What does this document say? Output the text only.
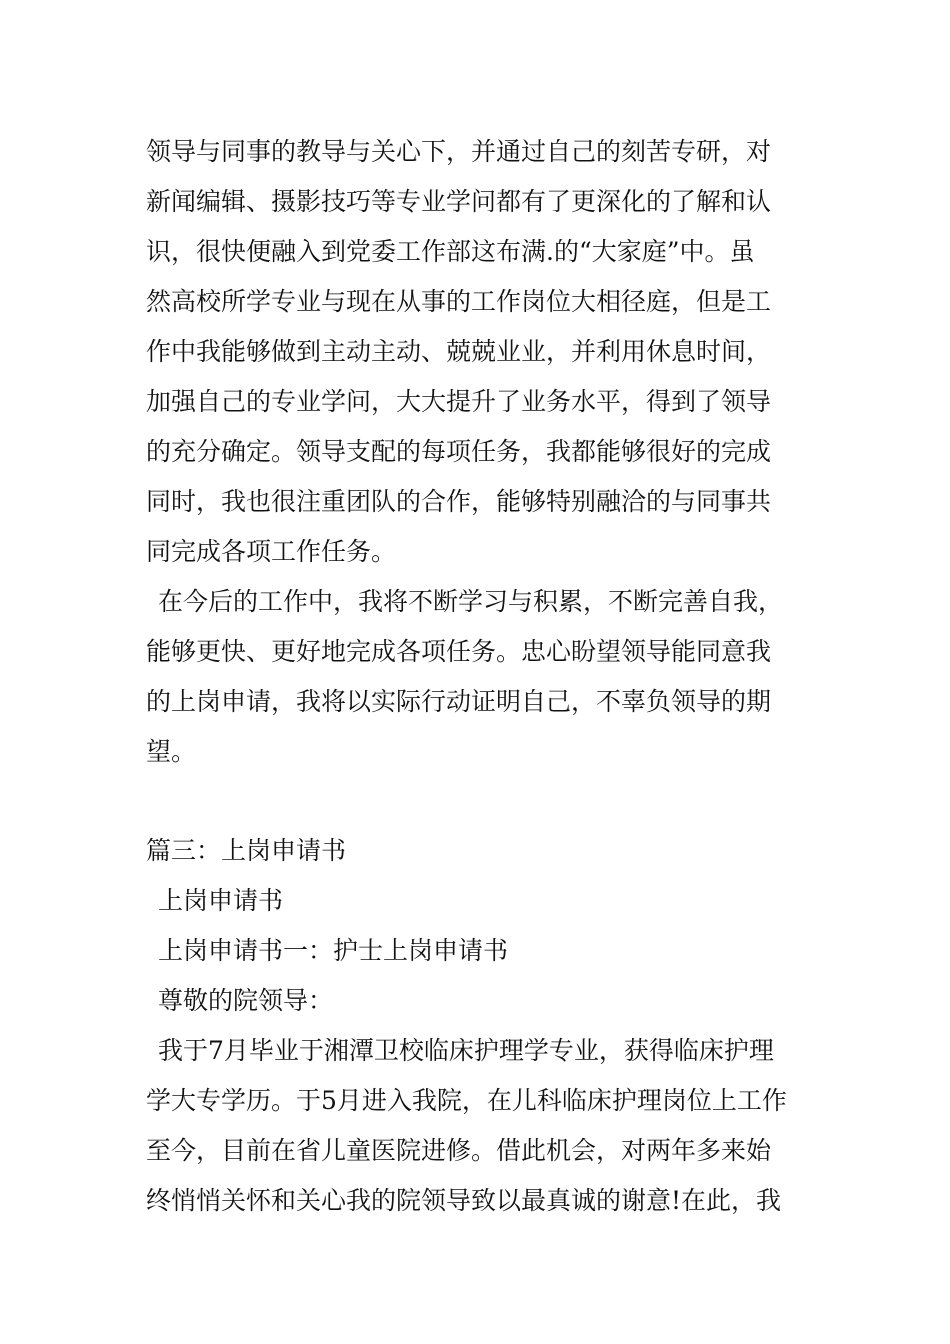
领导与同事的教导与关心下，并通过自己的刻苦专研，对
新闻编辑、摄影技巧等专业学问都有了更深化的了解和认
识，很快便融入到党委工作部这布满.的“大家庭”中。虽
然高校所学专业与现在从事的工作岗位大相径庭，但是工
作中我能够做到主动主动、兢兢业业，并利用休息时间，
加强自己的专业学问，大大提升了业务水平，得到了领导
的充分确定。领导支配的每项任务，我都能够很好的完成
同时，我也很注重团队的合作，能够特别融洽的与同事共
同完成各项工作任务。
在今后的工作中，我将不断学习与积累，不断完善自我，
能够更快、更好地完成各项任务。忠心盼望领导能同意我
的上岗申请，我将以实际行动证明自己，不辜负领导的期
望。
篇三：上岗申请书
上岗申请书
上岗申请书一：护士上岗申请书
尊敬的院领导：
我于7月毕业于湘潭卫校临床护理学专业，获得临床护理
学大专学历。于5月进入我院，在儿科临床护理岗位上工作
至今，目前在省儿童医院进修。借此机会，对两年多来始
终悄悄关怀和关心我的院领导致以最真诚的谢意!在此，我
